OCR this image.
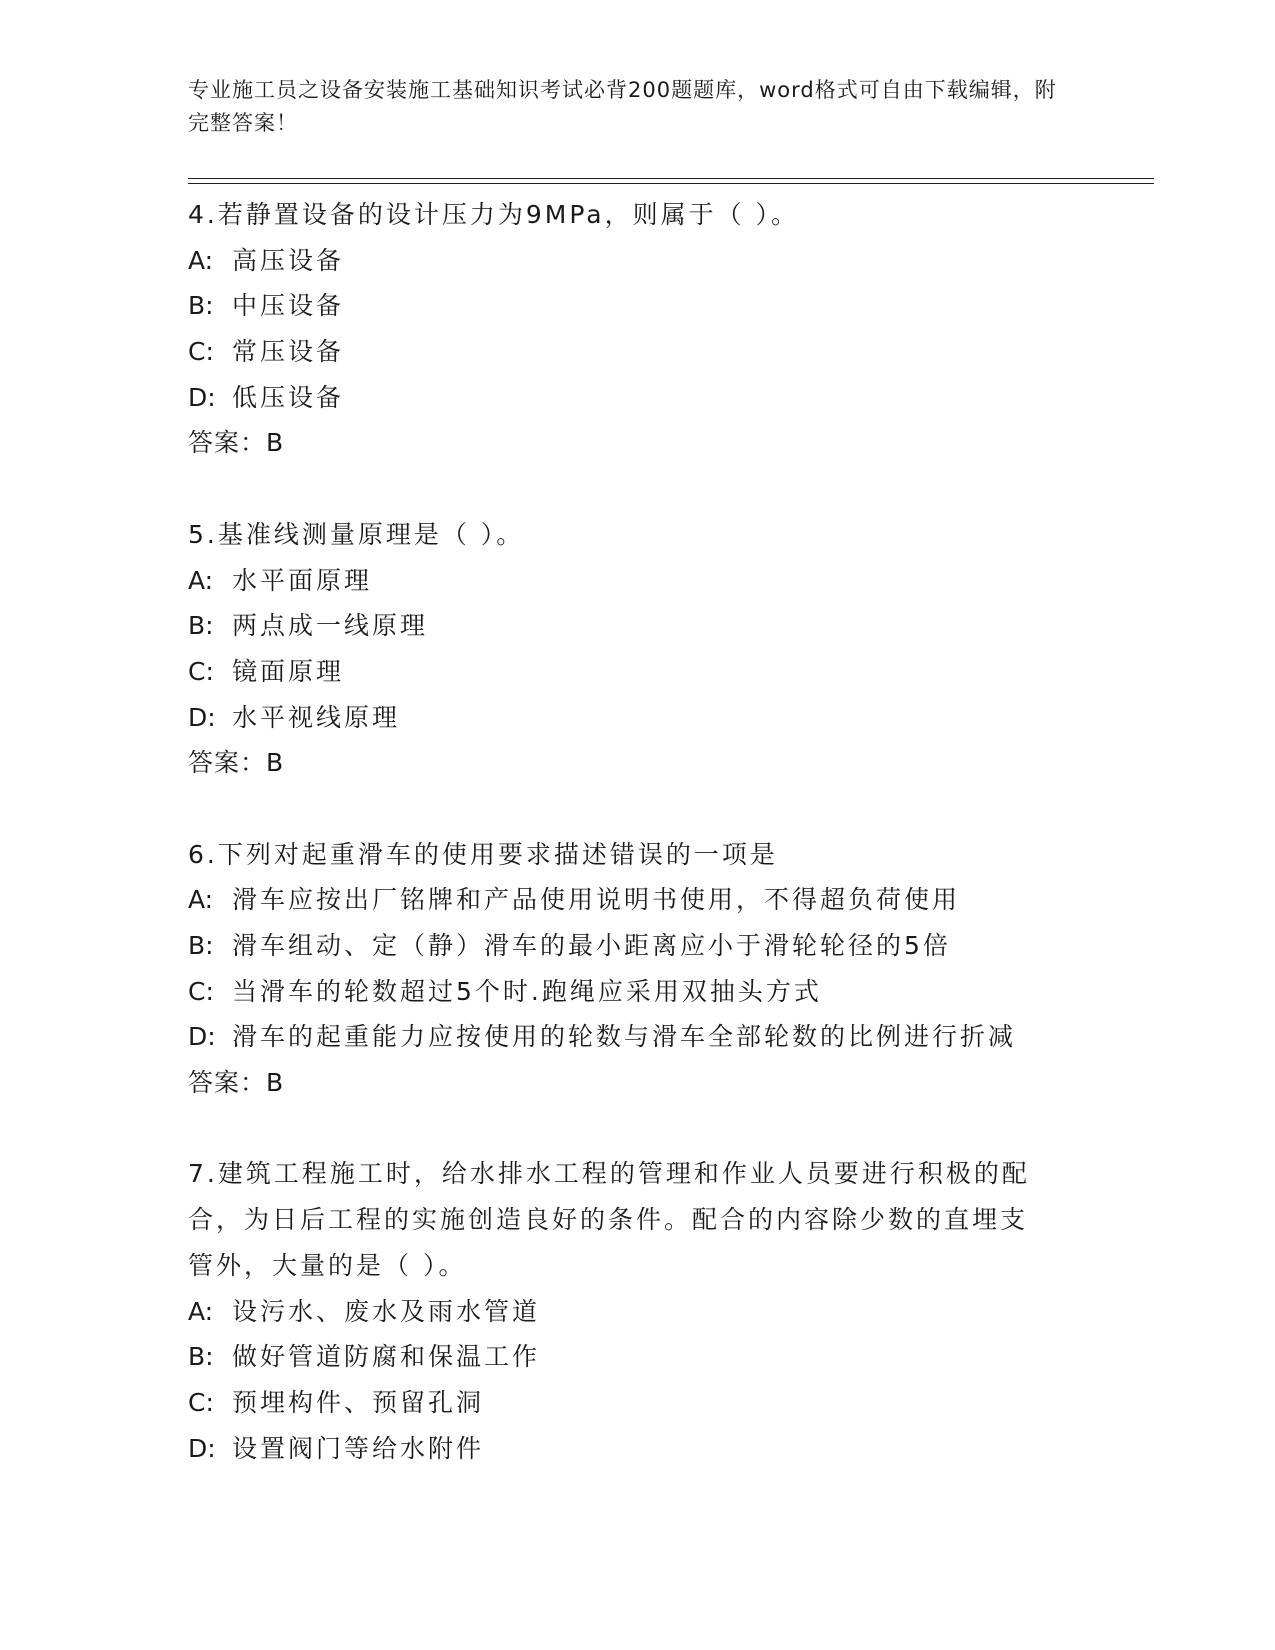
专业施工员之设备安装施工基础知识考试必背200题题库，word格式可自由下载编辑，附完整答案！
4.若静置设备的设计压力为9MPa，则属于（ ）。
A: 高压设备
B: 中压设备
C: 常压设备
D: 低压设备
答案：B
5.基准线测量原理是（ ）。
A: 水平面原理
B: 两点成一线原理
C: 镜面原理
D: 水平视线原理
答案：B
6.下列对起重滑车的使用要求描述错误的一项是
A: 滑车应按出厂铭牌和产品使用说明书使用，不得超负荷使用
B: 滑车组动、定（静）滑车的最小距离应小于滑轮轮径的5倍
C: 当滑车的轮数超过5个时.跑绳应采用双抽头方式
D: 滑车的起重能力应按使用的轮数与滑车全部轮数的比例进行折减
答案：B
7.建筑工程施工时，给水排水工程的管理和作业人员要进行积极的配
合，为日后工程的实施创造良好的条件。配合的内容除少数的直埋支
管外，大量的是（ ）。
A: 设污水、废水及雨水管道
B: 做好管道防腐和保温工作
C: 预埋构件、预留孔洞
D: 设置阀门等给水附件
